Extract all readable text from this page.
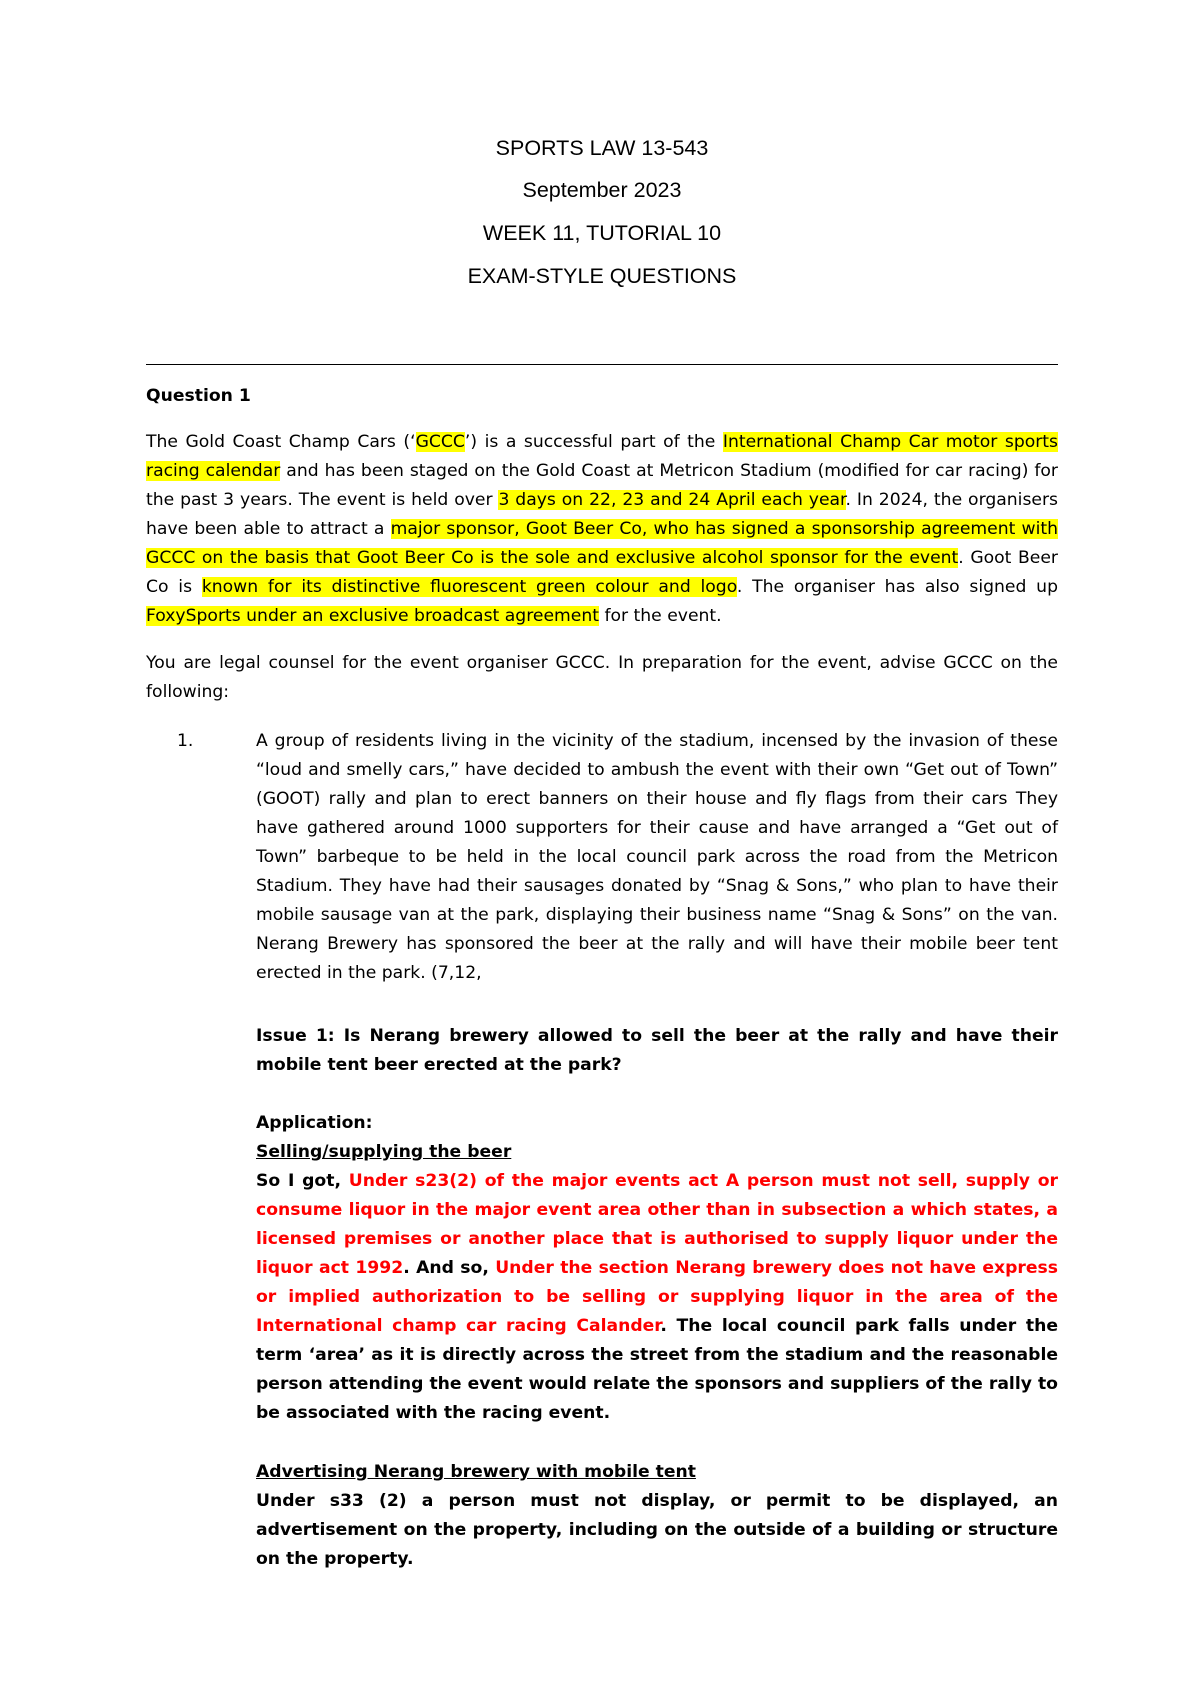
SPORTS LAW 13-543
September 2023
WEEK 11, TUTORIAL 10
EXAM-STYLE QUESTIONS
Question 1
The Gold Coast Champ Cars (‘GCCC’) is a successful part of the International Champ Car motor sports racing calendar and has been staged on the Gold Coast at Metricon Stadium (modified for car racing) for the past 3 years. The event is held over 3 days on 22, 23 and 24 April each year. In 2024, the organisers have been able to attract a major sponsor, Goot Beer Co, who has signed a sponsorship agreement with GCCC on the basis that Goot Beer Co is the sole and exclusive alcohol sponsor for the event. Goot Beer Co is known for its distinctive fluorescent green colour and logo. The organiser has also signed up FoxySports under an exclusive broadcast agreement for the event.
You are legal counsel for the event organiser GCCC. In preparation for the event, advise GCCC on the following:
1.	A group of residents living in the vicinity of the stadium, incensed by the invasion of these “loud and smelly cars,” have decided to ambush the event with their own “Get out of Town” (GOOT) rally and plan to erect banners on their house and fly flags from their cars They have gathered around 1000 supporters for their cause and have arranged a “Get out of Town” barbeque to be held in the local council park across the road from the Metricon Stadium. They have had their sausages donated by “Snag & Sons,” who plan to have their mobile sausage van at the park, displaying their business name “Snag & Sons” on the van. Nerang Brewery has sponsored the beer at the rally and will have their mobile beer tent erected in the park. (7,12,
Issue 1: Is Nerang brewery allowed to sell the beer at the rally and have their mobile tent beer erected at the park?
Application:
Selling/supplying the beer
So I got, Under s23(2) of the major events act A person must not sell, supply or consume liquor in the major event area other than in subsection a which states, a licensed premises or another place that is authorised to supply liquor under the liquor act 1992. And so, Under the section Nerang brewery does not have express or implied authorization to be selling or supplying liquor in the area of the International champ car racing Calander. The local council park falls under the term ‘area’ as it is directly across the street from the stadium and the reasonable person attending the event would relate the sponsors and suppliers of the rally to be associated with the racing event.
Advertising Nerang brewery with mobile tent
Under s33 (2) a person must not display, or permit to be displayed, an advertisement on the property, including on the outside of a building or structure on the property.
